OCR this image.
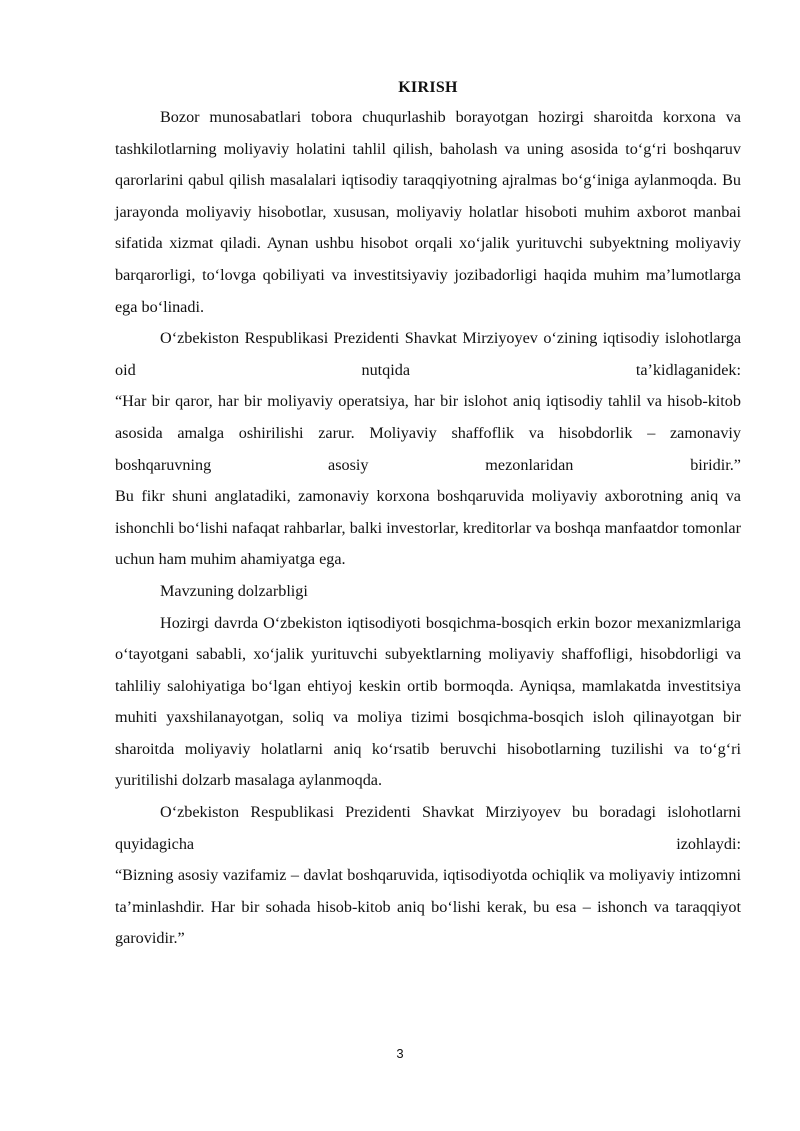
KIRISH

Bozor munosabatlari tobora chuqurlashib borayotgan hozirgi sharoitda korxona va tashkilotlarning moliyaviy holatini tahlil qilish, baholash va uning asosida to‘g‘ri boshqaruv qarorlarini qabul qilish masalalari iqtisodiy taraqqiyotning ajralmas bo‘g‘iniga aylanmoqda. Bu jarayonda moliyaviy hisobotlar, xususan, moliyaviy holatlar hisoboti muhim axborot manbai sifatida xizmat qiladi. Aynan ushbu hisobot orqali xo‘jalik yurituvchi subyektning moliyaviy barqarorligi, to‘lovga qobiliyati va investitsiyaviy jozibadorligi haqida muhim ma’lumotlarga ega bo‘linadi.

O‘zbekiston Respublikasi Prezidenti Shavkat Mirziyoyev o‘zining iqtisodiy islohotlarga oid nutqida ta’kidlaganidek:

“Har bir qaror, har bir moliyaviy operatsiya, har bir islohot aniq iqtisodiy tahlil va hisob-kitob asosida amalga oshirilishi zarur. Moliyaviy shaffoflik va hisobdorlik – zamonaviy boshqaruvning asosiy mezonlaridan biridir.”

Bu fikr shuni anglatadiki, zamonaviy korxona boshqaruvida moliyaviy axborotning aniq va ishonchli bo‘lishi nafaqat rahbarlar, balki investorlar, kreditorlar va boshqa manfaatdor tomonlar uchun ham muhim ahamiyatga ega.

Mavzuning dolzarbligi

Hozirgi davrda O‘zbekiston iqtisodiyoti bosqichma-bosqich erkin bozor mexanizmlariga o‘tayotgani sababli, xo‘jalik yurituvchi subyektlarning moliyaviy shaffofligi, hisobdorligi va tahliliy salohiyatiga bo‘lgan ehtiyoj keskin ortib bormoqda. Ayniqsa, mamlakatda investitsiya muhiti yaxshilanayotgan, soliq va moliya tizimi bosqichma-bosqich isloh qilinayotgan bir sharoitda moliyaviy holatlarni aniq ko‘rsatib beruvchi hisobotlarning tuzilishi va to‘g‘ri yuritilishi dolzarb masalaga aylanmoqda.

O‘zbekiston Respublikasi Prezidenti Shavkat Mirziyoyev bu boradagi islohotlarni quyidagicha izohlaydi:

“Bizning asosiy vazifamiz – davlat boshqaruvida, iqtisodiyotda ochiqlik va moliyaviy intizomni ta’minlashdir. Har bir sohada hisob-kitob aniq bo‘lishi kerak, bu esa – ishonch va taraqqiyot garovidir.”

3
